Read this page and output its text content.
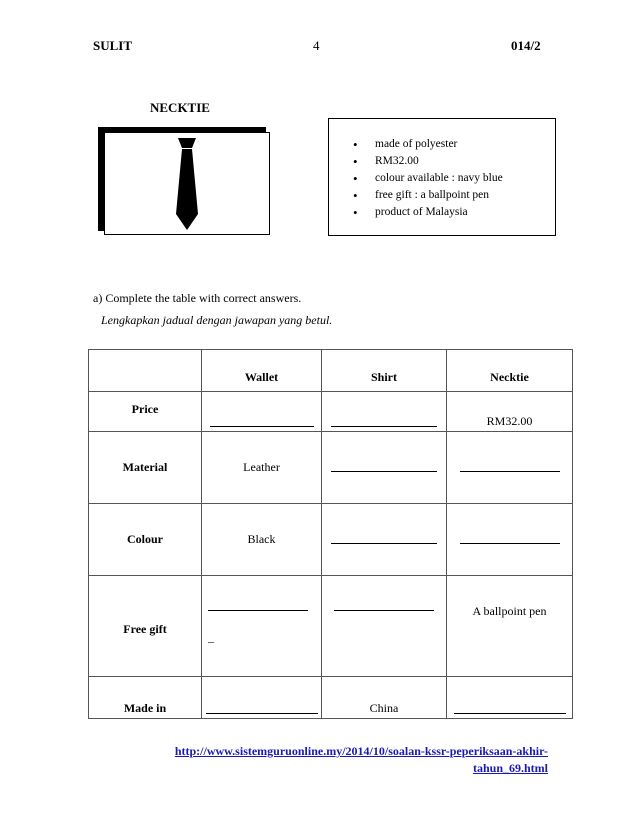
SULIT	4	014/2
NECKTIE
• made of polyester
• RM32.00
• colour available : navy blue
• free gift : a ballpoint pen
• product of Malaysia
a) Complete the table with correct answers.
Lengkapkan jadual dengan jawapan yang betul.
	Wallet	Shirt	Necktie
Price			RM32.00
Material	Leather		
Colour	Black		
Free gift	_		A ballpoint pen
Made in		China	
http://www.sistemguruonline.my/2014/10/soalan-kssr-peperiksaan-akhir-
tahun_69.html
